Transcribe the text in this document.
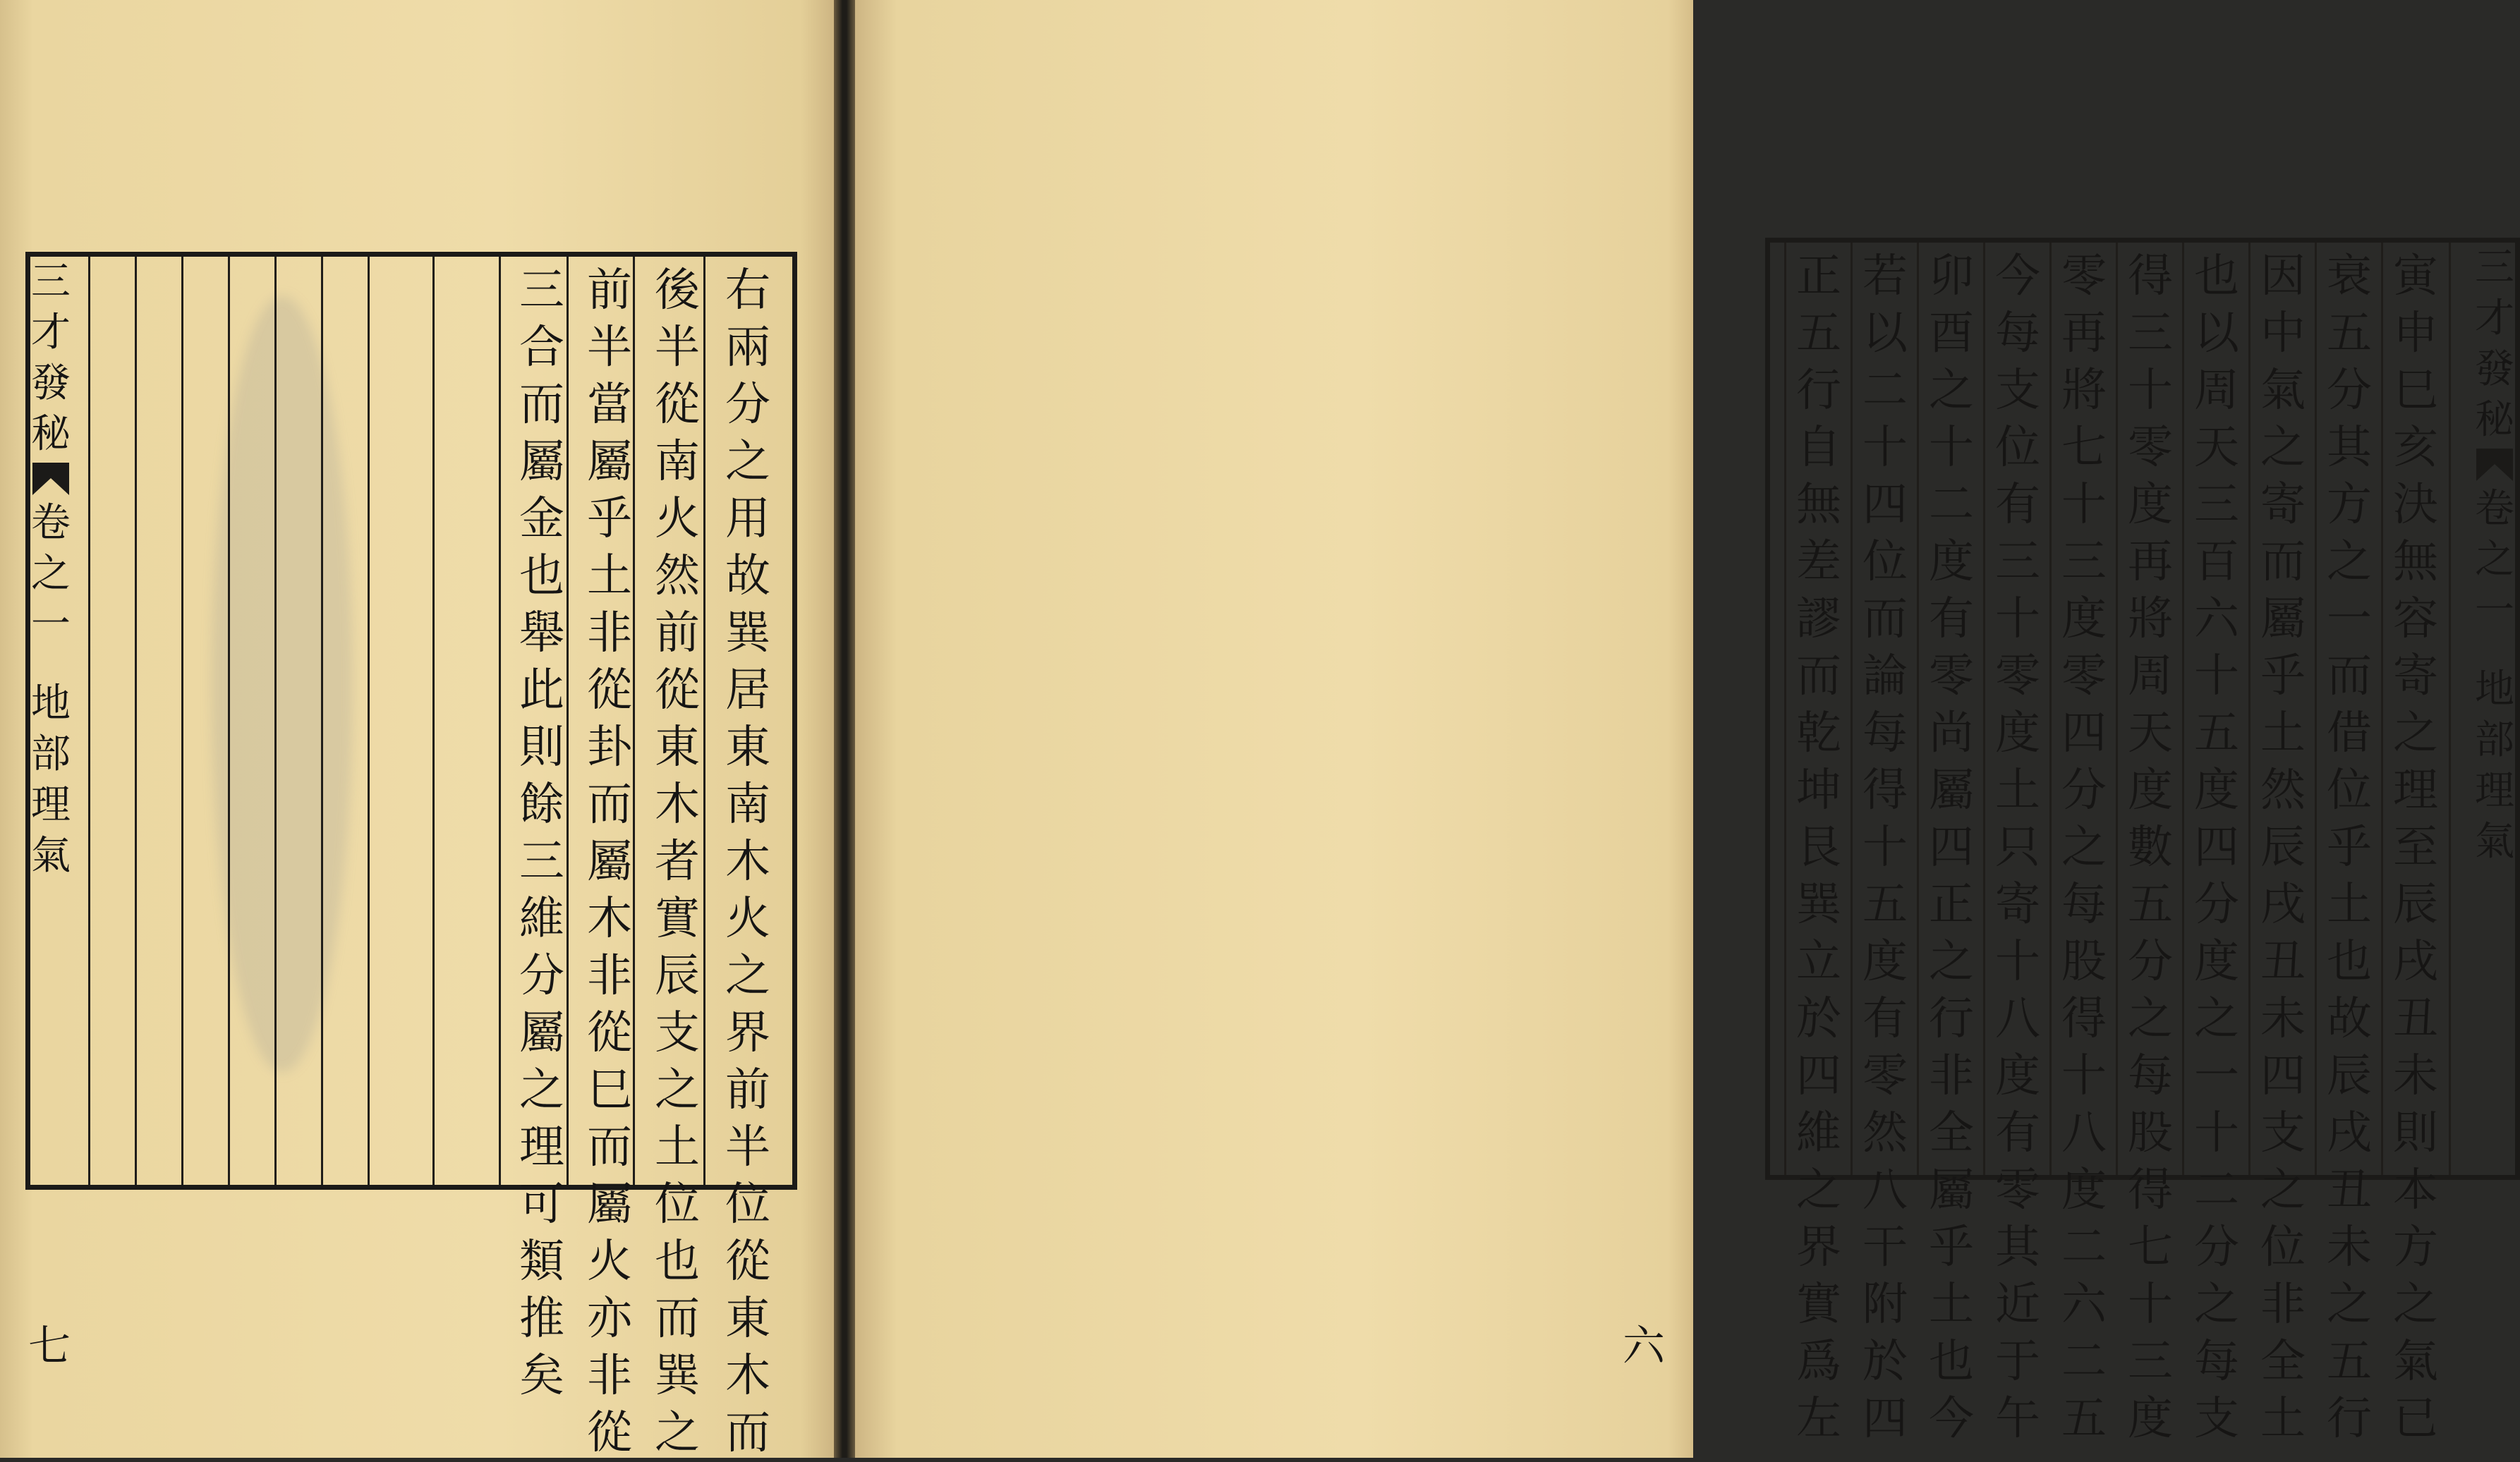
三
才
發
秘
卷
之
一
地
部
理
氣
右
兩
分
之
用
故
巽
居
東
南
木
火
之
界
前
半
位
從
東
木
而
後
半
從
南
火
然
前
從
東
木
者
實
辰
支
之
土
位
也
而
巽
之
前
半
當
屬
乎
土
非
從
卦
而
屬
木
非
從
巳
而
屬
火
亦
非
從
三
合
而
屬
金
也
舉
此
則
餘
三
維
分
屬
之
理
可
類
推
矣
七
三
才
發
秘
卷
之
一
地
部
理
氣
寅
申
巳
亥
決
無
容
寄
之
理
至
辰
戌
丑
未
則
本
方
之
氣
已
衰
五
分
其
方
之
一
而
借
位
乎
土
也
故
辰
戌
丑
未
之
五
行
因
中
氣
之
寄
而
屬
乎
土
然
辰
戌
丑
未
四
支
之
位
非
全
土
也
以
周
天
三
百
六
十
五
度
四
分
度
之
一
十
二
分
之
每
支
得
三
十
零
度
再
將
周
天
度
數
五
分
之
每
股
得
七
十
三
度
零
再
將
七
十
三
度
零
四
分
之
每
股
得
十
八
度
二
六
二
五
今
每
支
位
有
三
十
零
度
土
只
寄
十
八
度
有
零
其
近
于
午
卯
酉
之
十
二
度
有
零
尚
屬
四
正
之
行
非
全
屬
乎
土
也
今
若
以
二
十
四
位
而
論
每
得
十
五
度
有
零
然
八
干
附
於
四
正
五
行
自
無
差
謬
而
乾
坤
艮
巽
立
於
四
維
之
界
實
爲
左
六
